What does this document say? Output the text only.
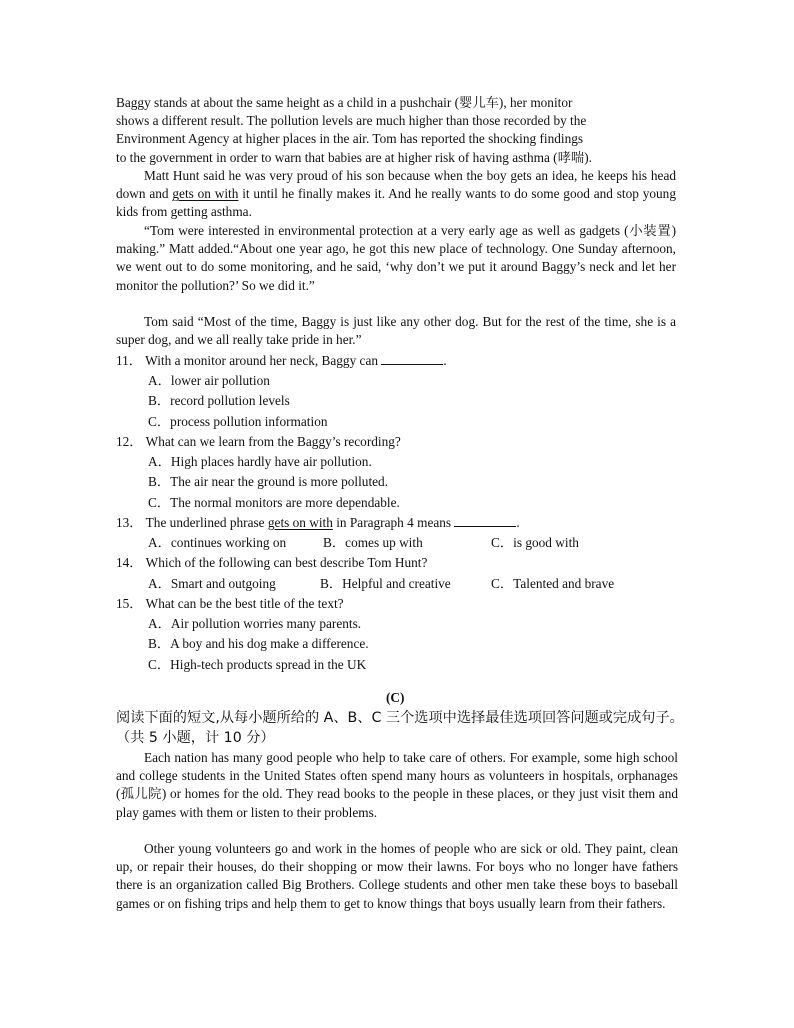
Baggy stands at about the same height as a child in a pushchair (婴儿车), her monitor
shows a different result. The pollution levels are much higher than those recorded by the
Environment Agency at higher places in the air. Tom has reported the shocking findings
to the government in order to warn that babies are at higher risk of having asthma (哮喘).

Matt Hunt said he was very proud of his son because when the boy gets an idea, he keeps his head down and gets on with it until he finally makes it. And he really wants to do some good and stop young kids from getting asthma.

“Tom were interested in environmental protection at a very early age as well as gadgets (小装置) making.” Matt added.“About one year ago, he got this new place of technology. One Sunday afternoon, we went out to do some monitoring, and he said, ‘why don’t we put it around Baggy’s neck and let her monitor the pollution?’ So we did it.”

Tom said “Most of the time, Baggy is just like any other dog. But for the rest of the time, she is a super dog, and we all really take pride in her.”

11． With a monitor around her neck, Baggy can	.
A．lower air pollution
B．record pollution levels
C．process pollution information
12． What can we learn from the Baggy’s recording?
A．High places hardly have air pollution.
B．The air near the ground is more polluted.
C．The normal monitors are more dependable.
13． The underlined phrase gets on with in Paragraph 4 means	.
A．continues working on	B．comes up with	C．is good with
14． Which of the following can best describe Tom Hunt?
A．Smart and outgoing	B．Helpful and creative	C．Talented and brave
15． What can be the best title of the text?
A．Air pollution worries many parents.
B．A boy and his dog make a difference.
C．High-tech products spread in the UK
(C)
阅读下面的短文,从每小题所给的 A、B、C 三个选项中选择最佳选项回答问题或完成句子。（共 5 小题，计 10 分）

Each nation has many good people who help to take care of others. For example, some high school and college students in the United States often spend many hours as volunteers in hospitals, orphanages (孤儿院) or homes for the old. They read books to the people in these places, or they just visit them and play games with them or listen to their problems.

Other young volunteers go and work in the homes of people who are sick or old. They paint, clean up, or repair their houses, do their shopping or mow their lawns. For boys who no longer have fathers there is an organization called Big Brothers. College students and other men take these boys to baseball games or on fishing trips and help them to get to know things that boys usually learn from their fathers.
